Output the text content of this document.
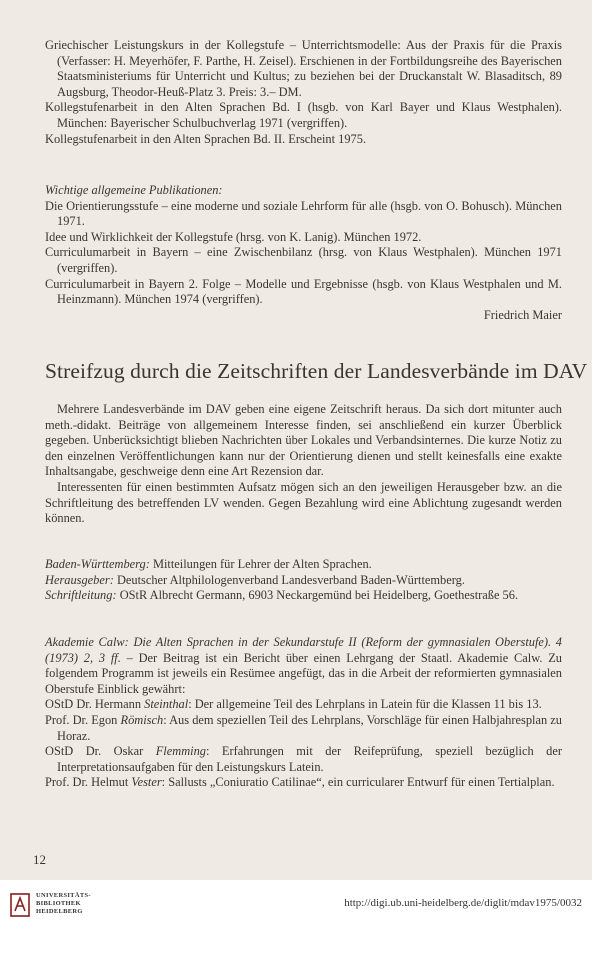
Griechischer Leistungskurs in der Kollegstufe – Unterrichtsmodelle: Aus der Praxis für die Praxis (Verfasser: H. Meyerhöfer, F. Parthe, H. Zeisel). Erschienen in der Fortbildungsreihe des Bayerischen Staatsministeriums für Unterricht und Kultus; zu beziehen bei der Druckanstalt W. Blasaditsch, 89 Augsburg, Theodor-Heuß-Platz 3. Preis: 3.– DM.

Kollegstufenarbeit in den Alten Sprachen Bd. I (hsgb. von Karl Bayer und Klaus Westphalen). München: Bayerischer Schulbuchverlag 1971 (vergriffen).

Kollegstufenarbeit in den Alten Sprachen Bd. II. Erscheint 1975.

Wichtige allgemeine Publikationen:

Die Orientierungsstufe – eine moderne und soziale Lehrform für alle (hsgb. von O. Bohusch). München 1971.

Idee und Wirklichkeit der Kollegstufe (hrsg. von K. Lanig). München 1972.

Curriculumarbeit in Bayern – eine Zwischenbilanz (hrsg. von Klaus Westphalen). München 1971 (vergriffen).

Curriculumarbeit in Bayern 2. Folge – Modelle und Ergebnisse (hsgb. von Klaus Westphalen und M. Heinzmann). München 1974 (vergriffen).

Friedrich Maier

Streifzug durch die Zeitschriften der Landesverbände im DAV

Mehrere Landesverbände im DAV geben eine eigene Zeitschrift heraus. Da sich dort mitunter auch meth.-didakt. Beiträge von allgemeinem Interesse finden, sei anschließend ein kurzer Überblick gegeben. Unberücksichtigt blieben Nachrichten über Lokales und Verbandsinternes. Die kurze Notiz zu den einzelnen Veröffentlichungen kann nur der Orientierung dienen und stellt keinesfalls eine exakte Inhaltsangabe, geschweige denn eine Art Rezension dar.

Interessenten für einen bestimmten Aufsatz mögen sich an den jeweiligen Herausgeber bzw. an die Schriftleitung des betreffenden LV wenden. Gegen Bezahlung wird eine Ablichtung zugesandt werden können.

Baden-Württemberg: Mitteilungen für Lehrer der Alten Sprachen.

Herausgeber: Deutscher Altphilologenverband Landesverband Baden-Württemberg.

Schriftleitung: OStR Albrecht Germann, 6903 Neckargemünd bei Heidelberg, Goethestraße 56.

Akademie Calw: Die Alten Sprachen in der Sekundarstufe II (Reform der gymnasialen Oberstufe). 4 (1973) 2, 3 ff. – Der Beitrag ist ein Bericht über einen Lehrgang der Staatl. Akademie Calw. Zu folgendem Programm ist jeweils ein Resümee angefügt, das in die Arbeit der reformierten gymnasialen Oberstufe Einblick gewährt:

OStD Dr. Hermann Steinthal: Der allgemeine Teil des Lehrplans in Latein für die Klassen 11 bis 13.

Prof. Dr. Egon Römisch: Aus dem speziellen Teil des Lehrplans, Vorschläge für einen Halbjahresplan zu Horaz.

OStD Dr. Oskar Flemming: Erfahrungen mit der Reifeprüfung, speziell bezüglich der Interpretationsaufgaben für den Leistungskurs Latein.

Prof. Dr. Helmut Vester: Sallusts „Coniuratio Catilinae“, ein curricularer Entwurf für einen Tertialplan.

12
UNIVERSITÄTS-
BIBLIOTHEK
HEIDELBERG
http://digi.ub.uni-heidelberg.de/diglit/mdav1975/0032
